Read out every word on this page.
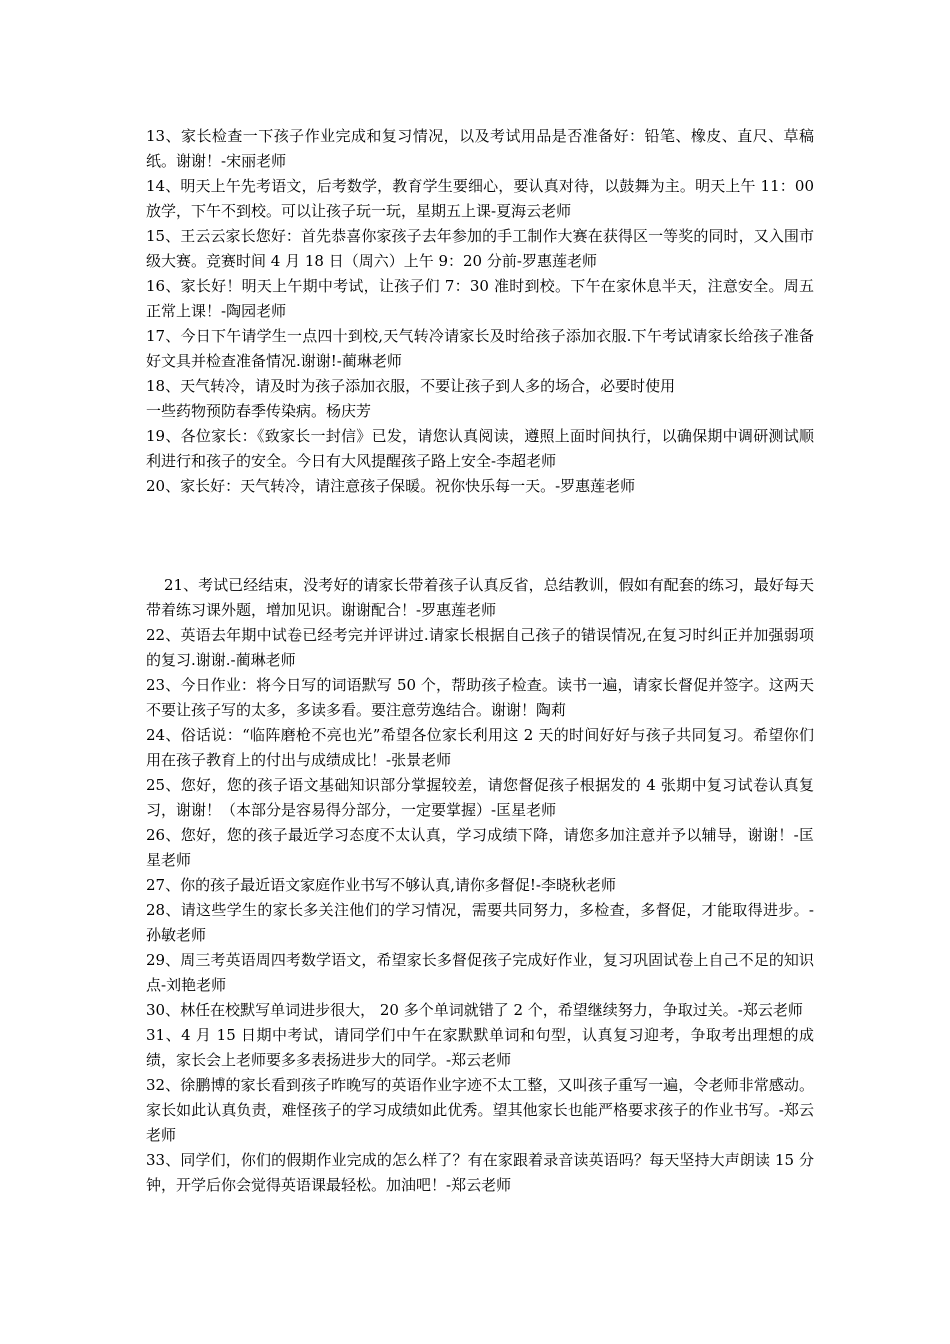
13、家长检查一下孩子作业完成和复习情况，以及考试用品是否准备好：铅笔、橡皮、直尺、草稿纸。谢谢！-宋丽老师

14、明天上午先考语文，后考数学，教育学生要细心，要认真对待，以鼓舞为主。明天上午 11：00 放学，下午不到校。可以让孩子玩一玩，星期五上课-夏海云老师

15、王云云家长您好：首先恭喜你家孩子去年参加的手工制作大赛在获得区一等奖的同时，又入围市级大赛。竞赛时间 4 月 18 日（周六）上午 9：20 分前-罗惠莲老师

16、家长好！明天上午期中考试，让孩子们 7：30 准时到校。下午在家休息半天，注意安全。周五正常上课！-陶园老师

17、今日下午请学生一点四十到校,天气转冷请家长及时给孩子添加衣服.下午考试请家长给孩子准备好文具并检查准备情况.谢谢!-蔺琳老师

18、天气转冷，请及时为孩子添加衣服，不要让孩子到人多的场合，必要时使用

一些药物预防春季传染病。杨庆芳

19、各位家长：《致家长一封信》已发，请您认真阅读，遵照上面时间执行，以确保期中调研测试顺利进行和孩子的安全。今日有大风提醒孩子路上安全-李超老师

20、家长好：天气转冷，请注意孩子保暖。祝你快乐每一天。-罗惠莲老师

21、考试已经结束，没考好的请家长带着孩子认真反省，总结教训，假如有配套的练习，最好每天带着练习课外题，增加见识。谢谢配合！-罗惠莲老师

22、英语去年期中试卷已经考完并评讲过.请家长根据自己孩子的错误情况,在复习时纠正并加强弱项的复习.谢谢.-蔺琳老师

23、今日作业：将今日写的词语默写 50 个，帮助孩子检查。读书一遍，请家长督促并签字。这两天不要让孩子写的太多，多读多看。要注意劳逸结合。谢谢！陶莉

24、俗话说：“临阵磨枪不亮也光”希望各位家长利用这 2 天的时间好好与孩子共同复习。希望你们用在孩子教育上的付出与成绩成比！-张景老师

25、您好，您的孩子语文基础知识部分掌握较差，请您督促孩子根据发的 4 张期中复习试卷认真复习，谢谢！（本部分是容易得分部分，一定要掌握）-匡星老师

26、您好，您的孩子最近学习态度不太认真，学习成绩下降，请您多加注意并予以辅导，谢谢！-匡星老师

27、你的孩子最近语文家庭作业书写不够认真,请你多督促!-李晓秋老师

28、请这些学生的家长多关注他们的学习情况，需要共同努力，多检查，多督促，才能取得进步。-孙敏老师

29、周三考英语周四考数学语文，希望家长多督促孩子完成好作业，复习巩固试卷上自己不足的知识点-刘艳老师

30、林任在校默写单词进步很大， 20 多个单词就错了 2 个，希望继续努力，争取过关。-郑云老师

31、4 月 15 日期中考试，请同学们中午在家默默单词和句型，认真复习迎考，争取考出理想的成绩，家长会上老师要多多表扬进步大的同学。-郑云老师

32、徐鹏博的家长看到孩子昨晚写的英语作业字迹不太工整，又叫孩子重写一遍，令老师非常感动。家长如此认真负责，难怪孩子的学习成绩如此优秀。望其他家长也能严格要求孩子的作业书写。-郑云老师

33、同学们，你们的假期作业完成的怎么样了？有在家跟着录音读英语吗？每天坚持大声朗读 15 分钟，开学后你会觉得英语课最轻松。加油吧！-郑云老师
